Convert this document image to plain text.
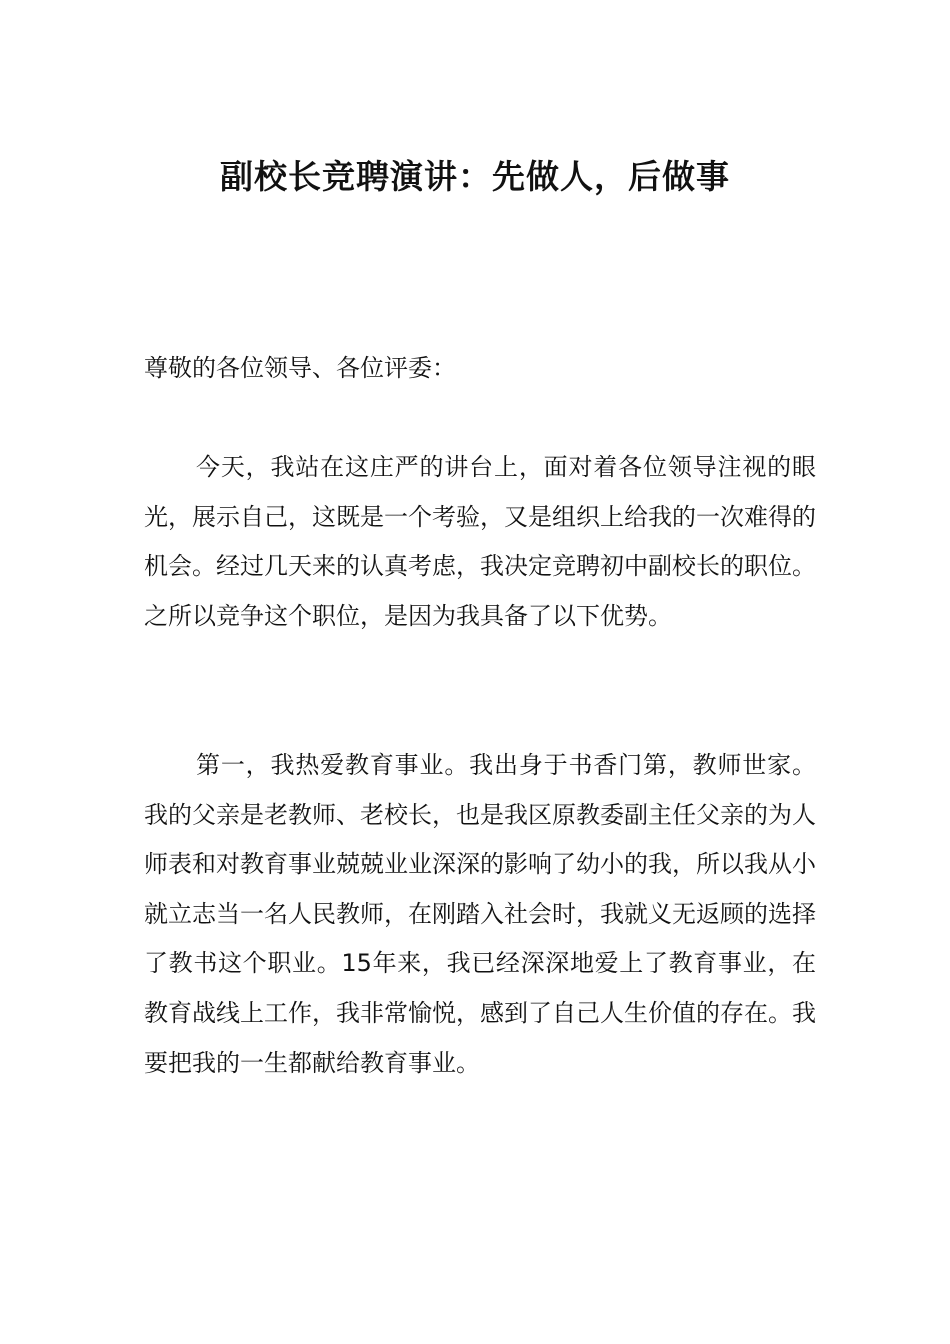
副校长竞聘演讲：先做人，后做事
尊敬的各位领导、各位评委：

今天，我站在这庄严的讲台上，面对着各位领导注视的眼光，展示自己，这既是一个考验，又是组织上给我的一次难得的机会。经过几天来的认真考虑，我决定竞聘初中副校长的职位。之所以竞争这个职位，是因为我具备了以下优势。

第一，我热爱教育事业。我出身于书香门第，教师世家。我的父亲是老教师、老校长，也是我区原教委副主任父亲的为人师表和对教育事业兢兢业业深深的影响了幼小的我，所以我从小就立志当一名人民教师，在刚踏入社会时，我就义无返顾的选择了教书这个职业。15年来，我已经深深地爱上了教育事业，在教育战线上工作，我非常愉悦，感到了自己人生价值的存在。我要把我的一生都献给教育事业。
